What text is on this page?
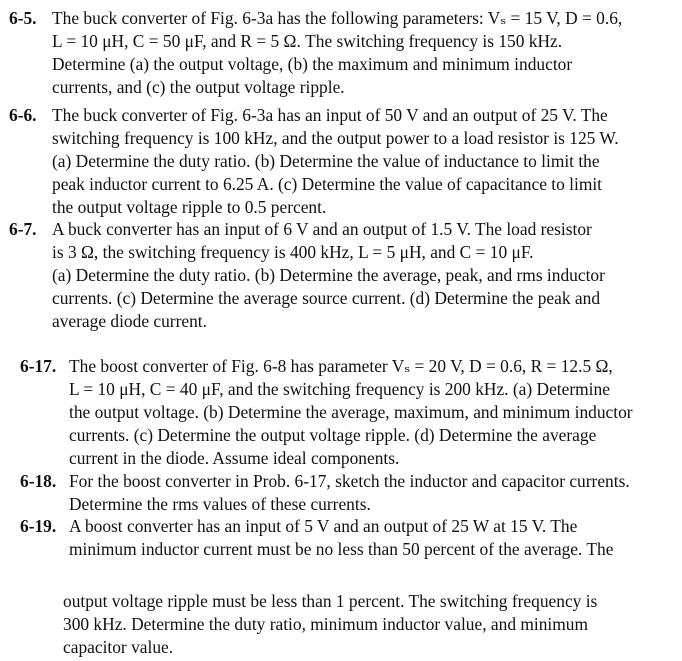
6-5. The buck converter of Fig. 6-3a has the following parameters: Vₛ = 15 V, D = 0.6,
L = 10 μH, C = 50 μF, and R = 5 Ω. The switching frequency is 150 kHz.
Determine (a) the output voltage, (b) the maximum and minimum inductor
currents, and (c) the output voltage ripple.
6-6. The buck converter of Fig. 6-3a has an input of 50 V and an output of 25 V. The
switching frequency is 100 kHz, and the output power to a load resistor is 125 W.
(a) Determine the duty ratio. (b) Determine the value of inductance to limit the
peak inductor current to 6.25 A. (c) Determine the value of capacitance to limit
the output voltage ripple to 0.5 percent.
6-7. A buck converter has an input of 6 V and an output of 1.5 V. The load resistor
is 3 Ω, the switching frequency is 400 kHz, L = 5 μH, and C = 10 μF.
(a) Determine the duty ratio. (b) Determine the average, peak, and rms inductor
currents. (c) Determine the average source current. (d) Determine the peak and
average diode current.
6-17. The boost converter of Fig. 6-8 has parameter Vₛ = 20 V, D = 0.6, R = 12.5 Ω,
L = 10 μH, C = 40 μF, and the switching frequency is 200 kHz. (a) Determine
the output voltage. (b) Determine the average, maximum, and minimum inductor
currents. (c) Determine the output voltage ripple. (d) Determine the average
current in the diode. Assume ideal components.
6-18. For the boost converter in Prob. 6-17, sketch the inductor and capacitor currents.
Determine the rms values of these currents.
6-19. A boost converter has an input of 5 V and an output of 25 W at 15 V. The
minimum inductor current must be no less than 50 percent of the average. The
output voltage ripple must be less than 1 percent. The switching frequency is
300 kHz. Determine the duty ratio, minimum inductor value, and minimum
capacitor value.
